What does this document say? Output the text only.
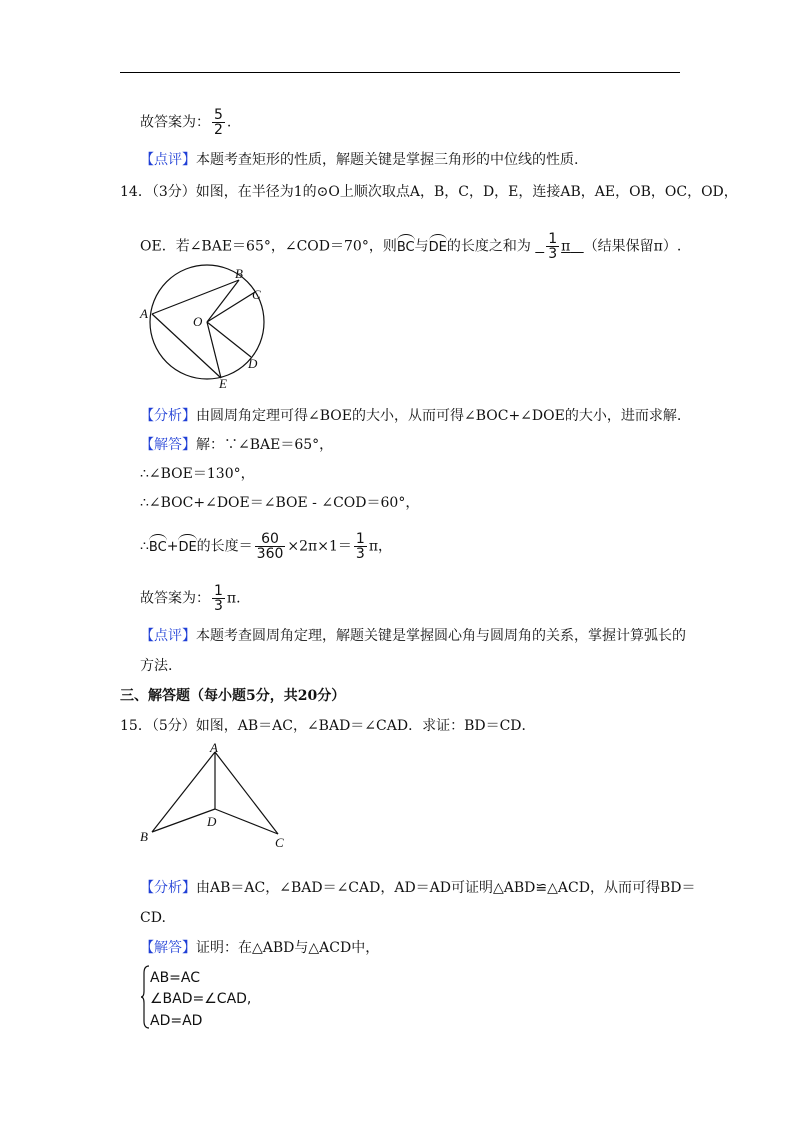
故答案为： $\frac{5}{2}$ .
【点评】本题考查矩形的性质，解题关键是掌握三角形的中位线的性质.
14．（3分）如图，在半径为1的⊙O上顺次取点A，B，C，D，E，连接AB，AE，OB，OC，OD，
OE．若∠BAE＝65°，∠COD＝70°，则BC与DE的长度之和为 $\frac{1}{3}$ π （结果保留π）.
A
B
C
O
D
E
【分析】由圆周角定理可得∠BOE的大小，从而可得∠BOC+∠DOE的大小，进而求解.
【解答】解：∵∠BAE＝65°，
∴∠BOE＝130°，
∴∠BOC+∠DOE＝∠BOE - ∠COD＝60°，
∴BC+DE的长度＝ $\frac{60}{360} \times 2\pi\times 1= \frac{1}{3}$ π，
故答案为： $\frac{1}{3} \pi$.
【点评】本题考查圆周角定理，解题关键是掌握圆心角与圆周角的关系，掌握计算弧长的
方法.
三、解答题（每小题5分，共20分）
15．（5分）如图，AB＝AC，∠BAD＝∠CAD．求证：BD＝CD．
A
B	C
D
【分析】由AB＝AC，∠BAD＝∠CAD，AD＝AD可证明△ABD≌△ACD，从而可得BD＝
CD.
【解答】证明：在△ABD与△ACD中，
AB=AC
∠BAD=∠CAD,
AD=AD
